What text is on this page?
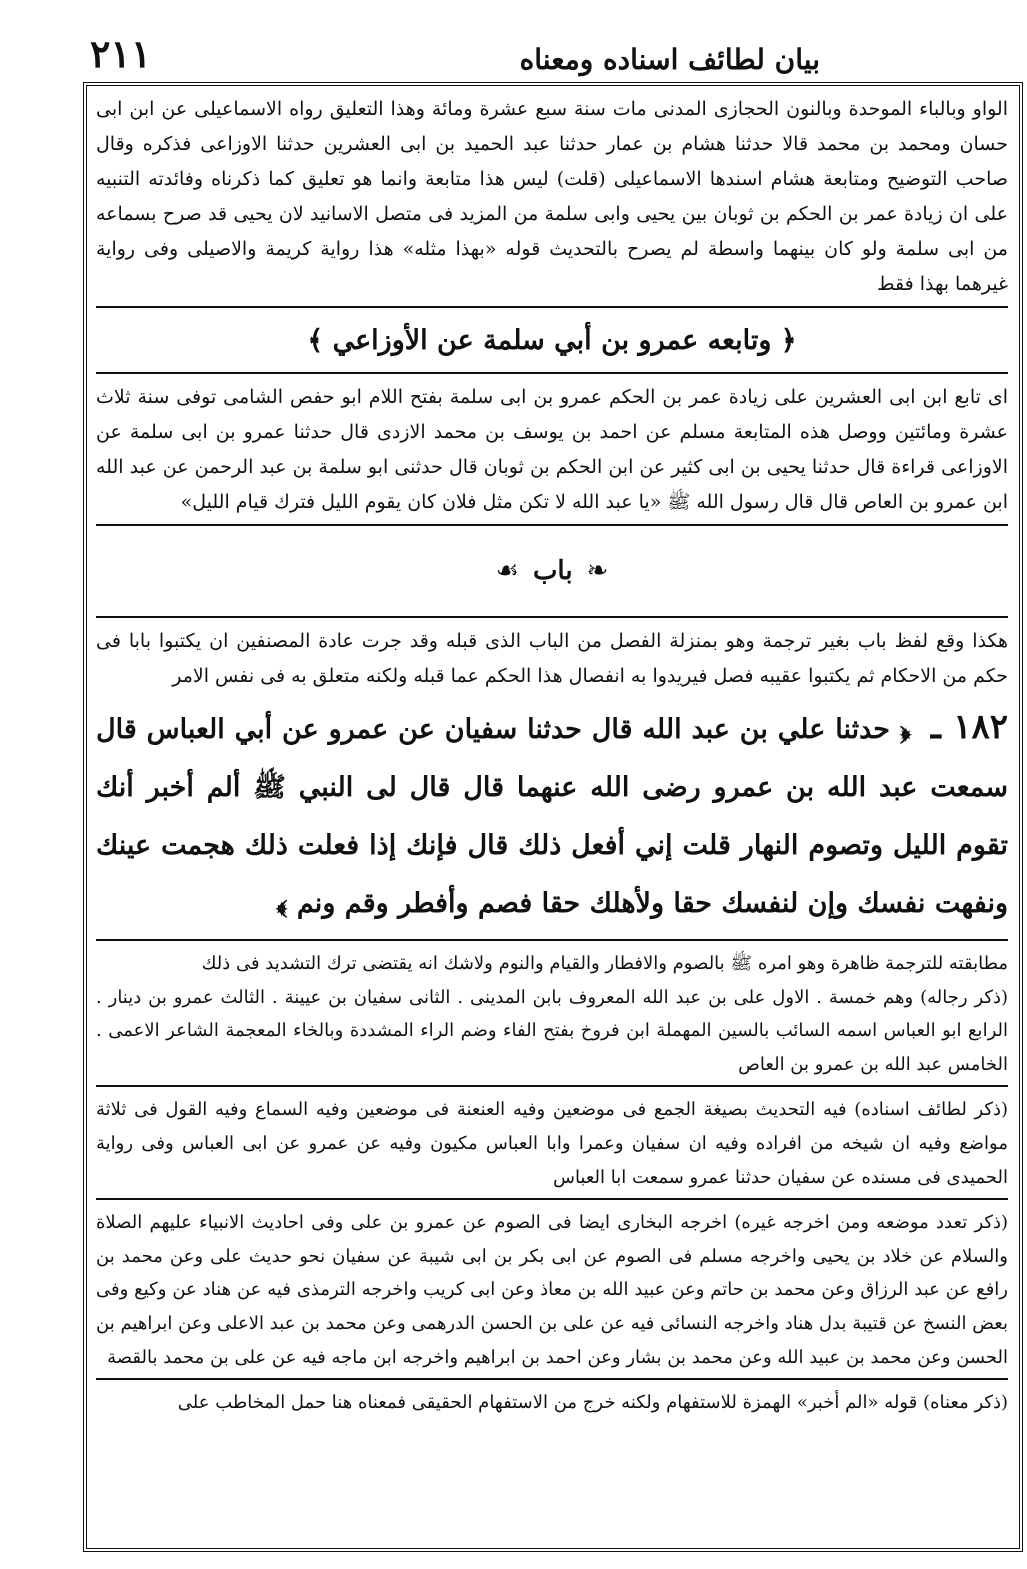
بيان لطائف اسناده ومعناه
٢١١

الواو وبالباء الموحدة وبالنون الحجازى المدنى مات سنة سبع عشرة ومائة وهذا التعليق رواه الاسماعيلى عن ابن ابى حسان ومحمد بن محمد قالا حدثنا هشام بن عمار حدثنا عبد الحميد بن ابى العشرين حدثنا الاوزاعى فذكره وقال صاحب التوضيح ومتابعة هشام اسندها الاسماعيلى (قلت) ليس هذا متابعة وانما هو تعليق كما ذكرناه وفائدته التنبيه على ان زيادة عمر بن الحكم بن ثوبان بين يحيى وابى سلمة من المزيد فى متصل الاسانيد لان يحيى قد صرح بسماعه من ابى سلمة ولو كان بينهما واسطة لم يصرح بالتحديث قوله «بهذا مثله» هذا رواية كريمة والاصيلى وفى رواية غيرهما بهذا فقط

﴿ وتابعه عمرو بن أبي سلمة عن الأوزاعي ﴾

اى تابع ابن ابى العشرين على زيادة عمر بن الحكم عمرو بن ابى سلمة بفتح اللام ابو حفص الشامى توفى سنة ثلاث عشرة ومائتين ووصل هذه المتابعة مسلم عن احمد بن يوسف بن محمد الازدى قال حدثنا عمرو بن ابى سلمة عن الاوزاعى قراءة قال حدثنا يحيى بن ابى كثير عن ابن الحكم بن ثوبان قال حدثنى ابو سلمة بن عبد الرحمن عن عبد الله ابن عمرو بن العاص قال قال رسول الله ﷺ «يا عبد الله لا تكن مثل فلان كان يقوم الليل فترك قيام الليل»

❧
باب
☙

هكذا وقع لفظ باب بغير ترجمة وهو بمنزلة الفصل من الباب الذى قبله وقد جرت عادة المصنفين ان يكتبوا بابا فى حكم من الاحكام ثم يكتبوا عقيبه فصل فيريدوا به انفصال هذا الحكم عما قبله ولكنه متعلق به فى نفس الامر

١٨٢ ـ ﴿ حدثنا علي بن عبد الله قال حدثنا سفيان عن عمرو عن أبي العباس قال سمعت عبد الله بن عمرو رضى الله عنهما قال قال لى النبي ﷺ ألم أخبر أنك تقوم الليل وتصوم النهار قلت إني أفعل ذلك قال فإنك إذا فعلت ذلك هجمت عينك ونفهت نفسك وإن لنفسك حقا ولأهلك حقا فصم وأفطر وقم ونم ﴾

مطابقته للترجمة ظاهرة وهو امره ﷺ بالصوم والافطار والقيام والنوم ولاشك انه يقتضى ترك التشديد فى ذلك

(ذكر رجاله) وهم خمسة . الاول على بن عبد الله المعروف بابن المدينى . الثانى سفيان بن عيينة . الثالث عمرو بن دينار . الرابع ابو العباس اسمه السائب بالسين المهملة ابن فروخ بفتح الفاء وضم الراء المشددة وبالخاء المعجمة الشاعر الاعمى . الخامس عبد الله بن عمرو بن العاص

(ذكر لطائف اسناده) فيه التحديث بصيغة الجمع فى موضعين وفيه العنعنة فى موضعين وفيه السماع وفيه القول فى ثلاثة مواضع وفيه ان شيخه من افراده وفيه ان سفيان وعمرا وابا العباس مكيون وفيه عن عمرو عن ابى العباس وفى رواية الحميدى فى مسنده عن سفيان حدثنا عمرو سمعت ابا العباس

(ذكر تعدد موضعه ومن اخرجه غيره) اخرجه البخارى ايضا فى الصوم عن عمرو بن على وفى احاديث الانبياء عليهم الصلاة والسلام عن خلاد بن يحيى واخرجه مسلم فى الصوم عن ابى بكر بن ابى شيبة عن سفيان نحو حديث على وعن محمد بن رافع عن عبد الرزاق وعن محمد بن حاتم وعن عبيد الله بن معاذ وعن ابى كريب واخرجه الترمذى فيه عن هناد عن وكيع وفى بعض النسخ عن قتيبة بدل هناد واخرجه النسائى فيه عن على بن الحسن الدرهمى وعن محمد بن عبد الاعلى وعن ابراهيم بن الحسن وعن محمد بن عبيد الله وعن محمد بن بشار وعن احمد بن ابراهيم واخرجه ابن ماجه فيه عن على بن محمد بالقصة

(ذكر معناه) قوله «الم أخبر» الهمزة للاستفهام ولكنه خرج من الاستفهام الحقيقى فمعناه هنا حمل المخاطب على
